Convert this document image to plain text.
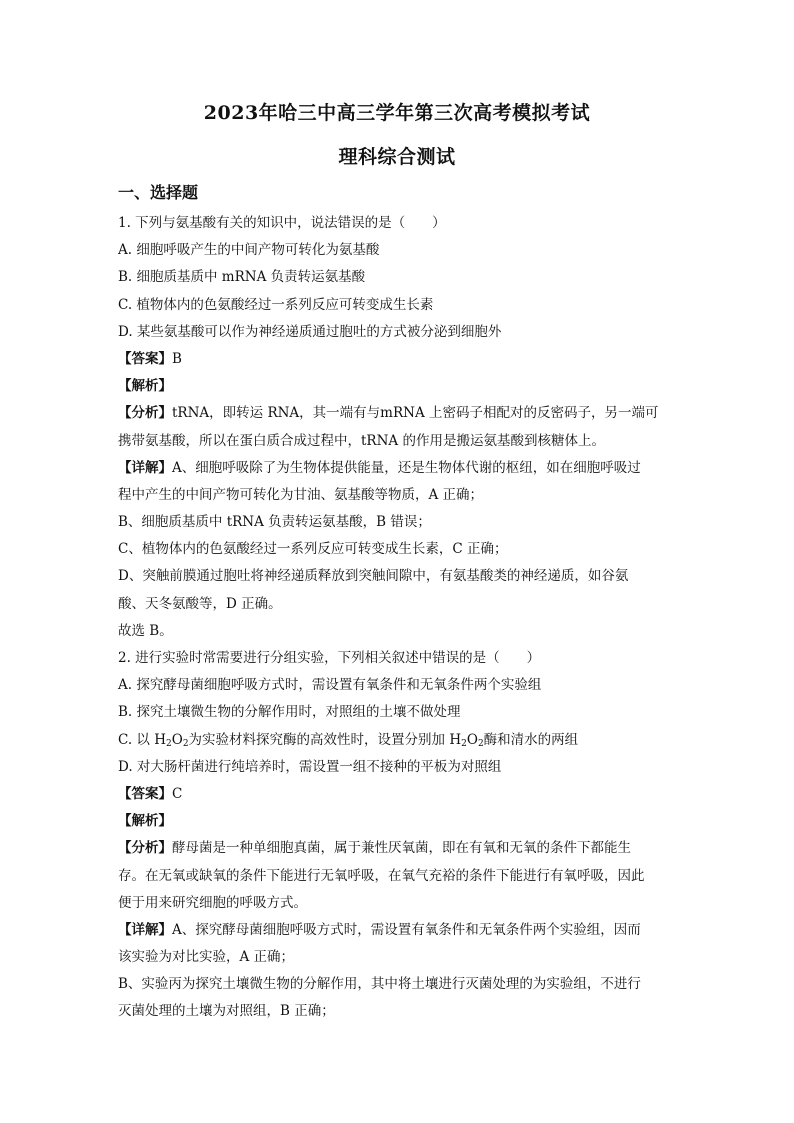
2023年哈三中高三学年第三次高考模拟考试
理科综合测试
一、选择题
1. 下列与氨基酸有关的知识中，说法错误的是（　　）
A. 细胞呼吸产生的中间产物可转化为氨基酸
B. 细胞质基质中 mRNA 负责转运氨基酸
C. 植物体内的色氨酸经过一系列反应可转变成生长素
D. 某些氨基酸可以作为神经递质通过胞吐的方式被分泌到细胞外
【答案】B
【解析】
【分析】tRNA，即转运 RNA，其一端有与mRNA 上密码子相配对的反密码子，另一端可
携带氨基酸，所以在蛋白质合成过程中，tRNA 的作用是搬运氨基酸到核糖体上。
【详解】A、细胞呼吸除了为生物体提供能量，还是生物体代谢的枢纽，如在细胞呼吸过
程中产生的中间产物可转化为甘油、氨基酸等物质，A 正确；
B、细胞质基质中 tRNA 负责转运氨基酸，B 错误；
C、植物体内的色氨酸经过一系列反应可转变成生长素，C 正确；
D、突触前膜通过胞吐将神经递质释放到突触间隙中，有氨基酸类的神经递质，如谷氨
酸、天冬氨酸等，D 正确。
故选 B。
2. 进行实验时常需要进行分组实验，下列相关叙述中错误的是（　　）
A. 探究酵母菌细胞呼吸方式时，需设置有氧条件和无氧条件两个实验组
B. 探究土壤微生物的分解作用时，对照组的土壤不做处理
C. 以 $H_2O_2$为实验材料探究酶的高效性时，设置分别加 $H_2O_2$酶和清水的两组
D. 对大肠杆菌进行纯培养时，需设置一组不接种的平板为对照组
【答案】C
【解析】
【分析】酵母菌是一种单细胞真菌，属于兼性厌氧菌，即在有氧和无氧的条件下都能生
存。在无氧或缺氧的条件下能进行无氧呼吸，在氧气充裕的条件下能进行有氧呼吸，因此
便于用来研究细胞的呼吸方式。
【详解】A、探究酵母菌细胞呼吸方式时，需设置有氧条件和无氧条件两个实验组，因而
该实验为对比实验，A 正确；
B、实验丙为探究土壤微生物的分解作用，其中将土壤进行灭菌处理的为实验组，不进行
灭菌处理的土壤为对照组，B 正确；
